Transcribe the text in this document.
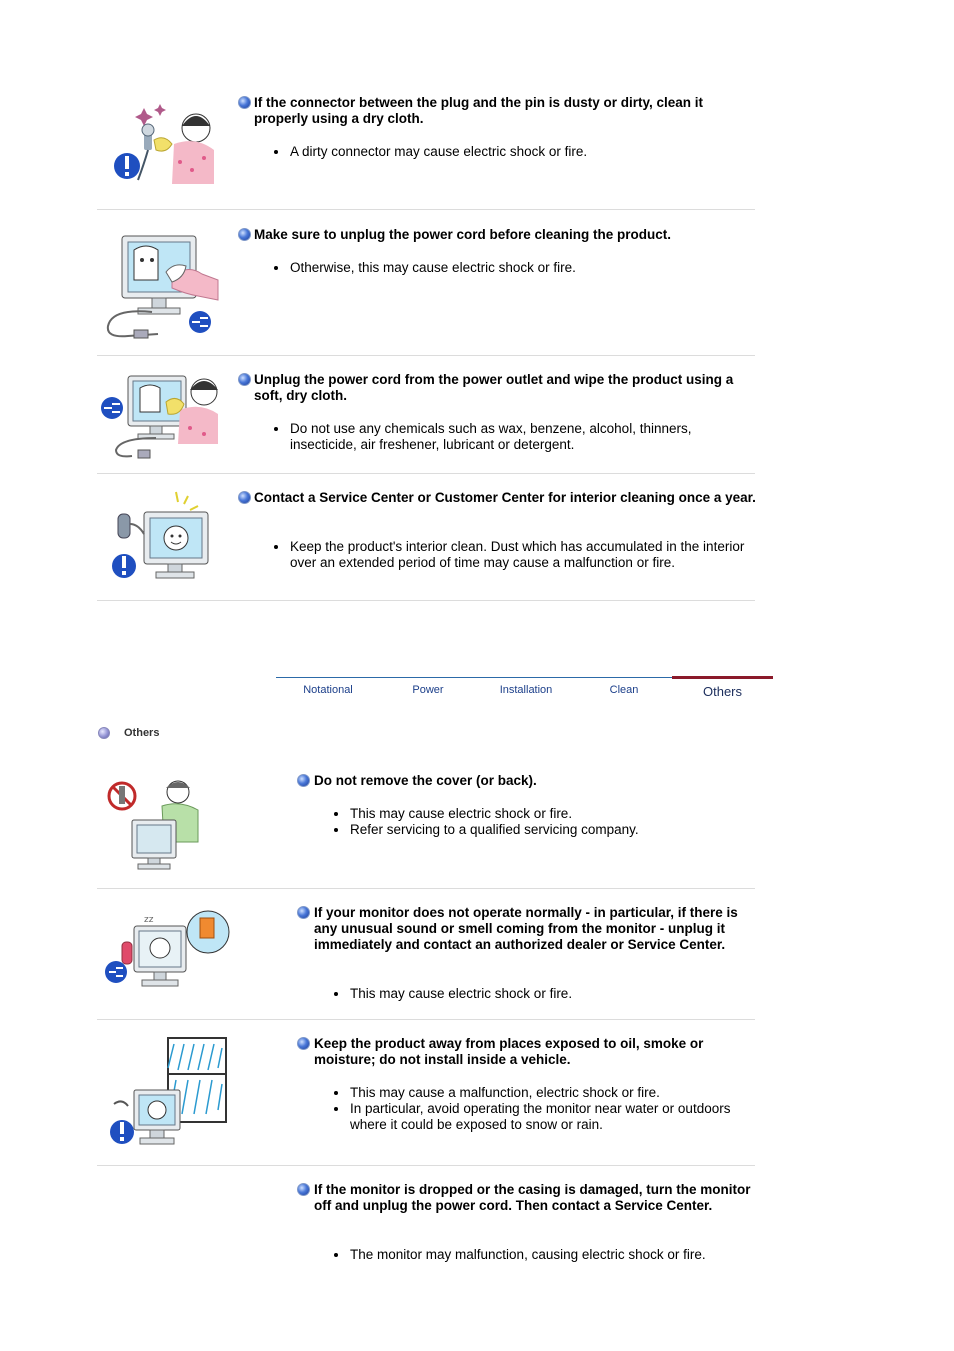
If the connector between the plug and the pin is dusty or dirty, clean it properly using a dry cloth.
A dirty connector may cause electric shock or fire.
Make sure to unplug the power cord before cleaning the product.
Otherwise, this may cause electric shock or fire.
Unplug the power cord from the power outlet and wipe the product using a soft, dry cloth.
Do not use any chemicals such as wax, benzene, alcohol, thinners, insecticide, air freshener, lubricant or detergent.
Contact a Service Center or Customer Center for interior cleaning once a year.
Keep the product's interior clean. Dust which has accumulated in the interior over an extended period of time may cause a malfunction or fire.
Notational	Power	Installation	Clean	Others
Others
Do not remove the cover (or back).
This may cause electric shock or fire.
Refer servicing to a qualified servicing company.
zz	If your monitor does not operate normally - in particular, if there is any unusual sound or smell coming from the monitor - unplug it immediately and contact an authorized dealer or Service Center.
This may cause electric shock or fire.
Keep the product away from places exposed to oil, smoke or moisture; do not install inside a vehicle.
This may cause a malfunction, electric shock or fire.
In particular, avoid operating the monitor near water or outdoors where it could be exposed to snow or rain.
If the monitor is dropped or the casing is damaged, turn the monitor off and unplug the power cord. Then contact a Service Center.
The monitor may malfunction, causing electric shock or fire.
